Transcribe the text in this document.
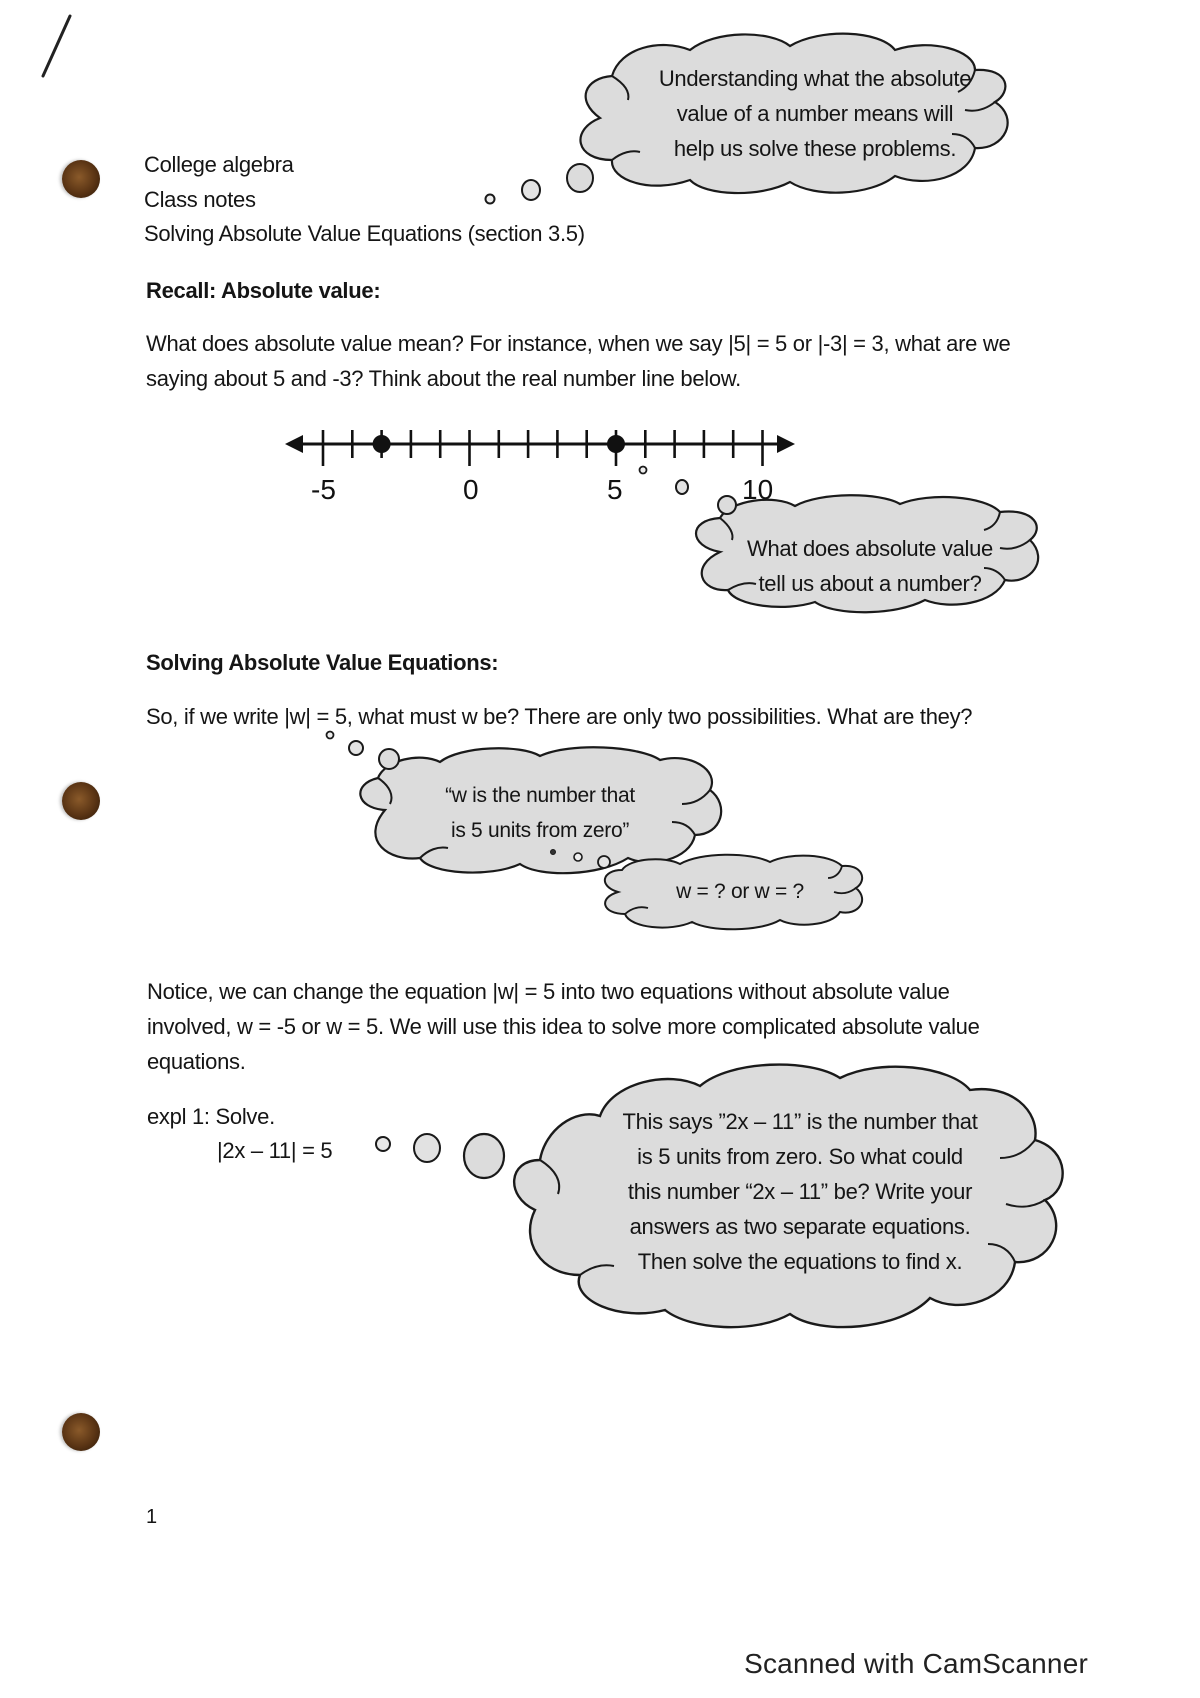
College algebra
Class notes
Solving Absolute Value Equations (section 3.5)
Understanding what the absolute
value of a number means will
help us solve these problems.
Recall: Absolute value:
What does absolute value mean? For instance, when we say |5| = 5 or |-3| = 3, what are we
saying about 5 and -3? Think about the real number line below.
-5	0	5	10
What does absolute value
tell us about a number?
Solving Absolute Value Equations:
So, if we write |w| = 5, what must w be? There are only two possibilities. What are they?
“w is the number that
is 5 units from zero”
w = ? or w = ?
Notice, we can change the equation |w| = 5 into two equations without absolute value
involved, w = -5 or w = 5. We will use this idea to solve more complicated absolute value
equations.
expl 1: Solve.
|2x – 11| = 5
This says ”2x – 11” is the number that
is 5 units from zero. So what could
this number “2x – 11” be? Write your
answers as two separate equations.
Then solve the equations to find x.
1
Scanned with CamScanner
